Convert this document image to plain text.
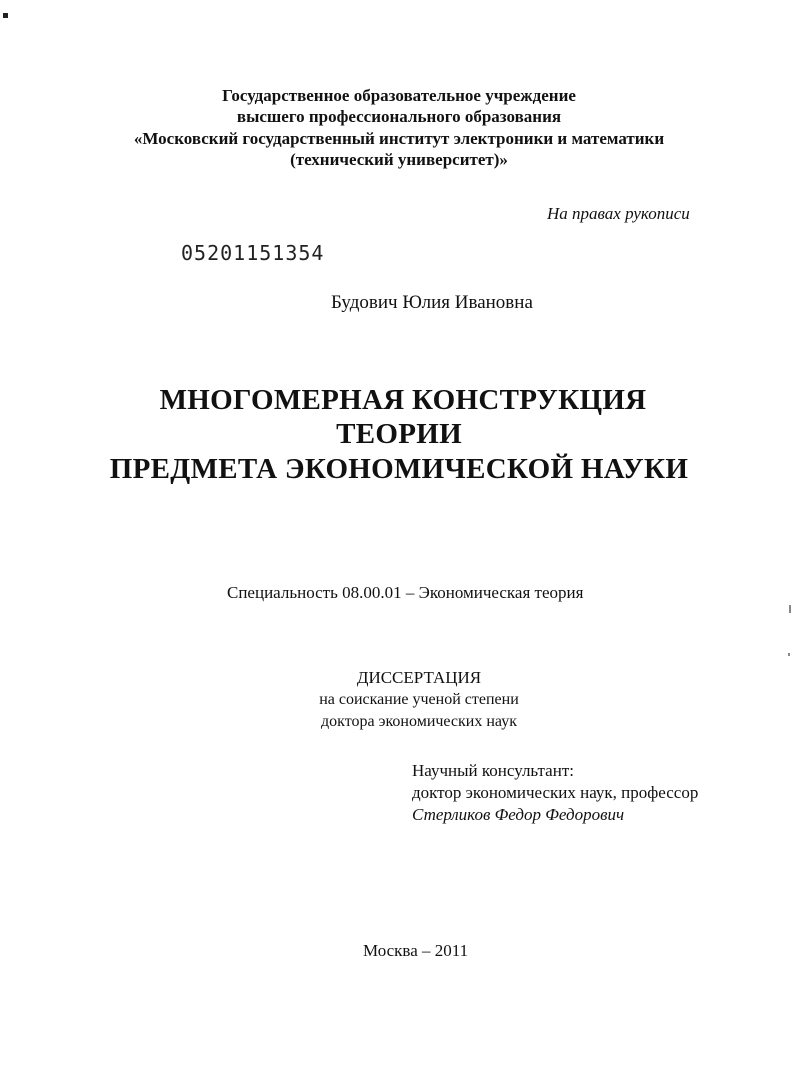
Государственное образовательное учреждение
высшего профессионального образования
«Московский государственный институт электроники и математики
(технический университет)»
На правах рукописи
05201151354
Будович Юлия Ивановна
МНОГОМЕРНАЯ КОНСТРУКЦИЯ
ТЕОРИИ
ПРЕДМЕТА ЭКОНОМИЧЕСКОЙ НАУКИ
Специальность 08.00.01 – Экономическая теория
ДИССЕРТАЦИЯ
на соискание ученой степени
доктора экономических наук
Научный консультант:
доктор экономических наук, профессор
Стерликов Федор Федорович
Москва – 2011
